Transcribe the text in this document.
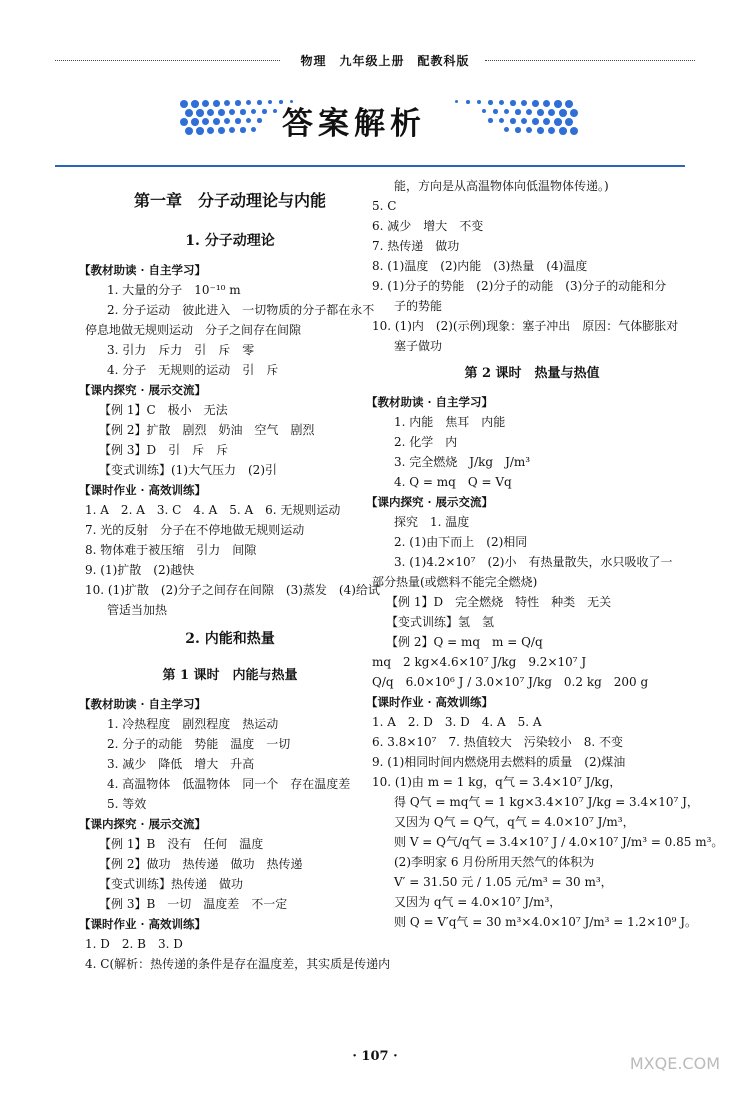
物理　九年级上册　配教科版
答案解析
第一章　分子动理论与内能
1. 分子动理论
【教材助读 · 自主学习】
1. 大量的分子　10⁻¹⁰ m
2. 分子运动　彼此进入　一切物质的分子都在永不
停息地做无规则运动　分子之间存在间隙
3. 引力　斥力　引　斥　零
4. 分子　无规则的运动　引　斥
【课内探究 · 展示交流】
【例 1】C　极小　无法
【例 2】扩散　剧烈　奶油　空气　剧烈
【例 3】D　引　斥　斥
【变式训练】(1)大气压力　(2)引
【课时作业 · 高效训练】
1. A　2. A　3. C　4. A　5. A　6. 无规则运动
7. 光的反射　分子在不停地做无规则运动
8. 物体难于被压缩　引力　间隙
9. (1)扩散　(2)越快
10. (1)扩散　(2)分子之间存在间隙　(3)蒸发　(4)给试
管适当加热
2. 内能和热量
第 1 课时　内能与热量
【教材助读 · 自主学习】
1. 冷热程度　剧烈程度　热运动
2. 分子的动能　势能　温度　一切
3. 减少　降低　增大　升高
4. 高温物体　低温物体　同一个　存在温度差
5. 等效
【课内探究 · 展示交流】
【例 1】B　没有　任何　温度
【例 2】做功　热传递　做功　热传递
【变式训练】热传递　做功
【例 3】B　一切　温度差　不一定
【课时作业 · 高效训练】
1. D　2. B　3. D
4. C(解析：热传递的条件是存在温度差，其实质是传递内
能，方向是从高温物体向低温物体传递。)
5. C
6. 减少　增大　不变
7. 热传递　做功
8. (1)温度　(2)内能　(3)热量　(4)温度
9. (1)分子的势能　(2)分子的动能　(3)分子的动能和分
子的势能
10. (1)内　(2)(示例)现象：塞子冲出　原因：气体膨胀对
塞子做功
第 2 课时　热量与热值
【教材助读 · 自主学习】
1. 内能　焦耳　内能
2. 化学　内
3. 完全燃烧　J/kg　J/m³
4. Q = mq　Q = Vq
【课内探究 · 展示交流】
探究　1. 温度
2. (1)由下而上　(2)相同
3. (1)4.2×10⁷　(2)小　有热量散失，水只吸收了一
部分热量(或燃料不能完全燃烧)
【例 1】D　完全燃烧　特性　种类　无关
【变式训练】氢　氢
【例 2】Q = mq　m = Q/q
mq　2 kg×4.6×10⁷ J/kg　9.2×10⁷ J
Q/q　6.0×10⁶ J / 3.0×10⁷ J/kg　0.2 kg　200 g
【课时作业 · 高效训练】
1. A　2. D　3. D　4. A　5. A
6. 3.8×10⁷　7. 热值较大　污染较小　8. 不变
9. (1)相同时间内燃烧用去燃料的质量　(2)煤油
10. (1)由 m = 1 kg，q气 = 3.4×10⁷ J/kg，
得 Q气 = mq气 = 1 kg×3.4×10⁷ J/kg = 3.4×10⁷ J，
又因为 Q气 = Q气，q气 = 4.0×10⁷ J/m³，
则 V = Q气/q气 = 3.4×10⁷ J / 4.0×10⁷ J/m³ = 0.85 m³。
(2)李明家 6 月份所用天然气的体积为
V′ = 31.50 元 / 1.05 元/m³ = 30 m³，
又因为 q气 = 4.0×10⁷ J/m³，
则 Q = V′q气 = 30 m³×4.0×10⁷ J/m³ = 1.2×10⁹ J。
· 107 ·	MXQE.COM
